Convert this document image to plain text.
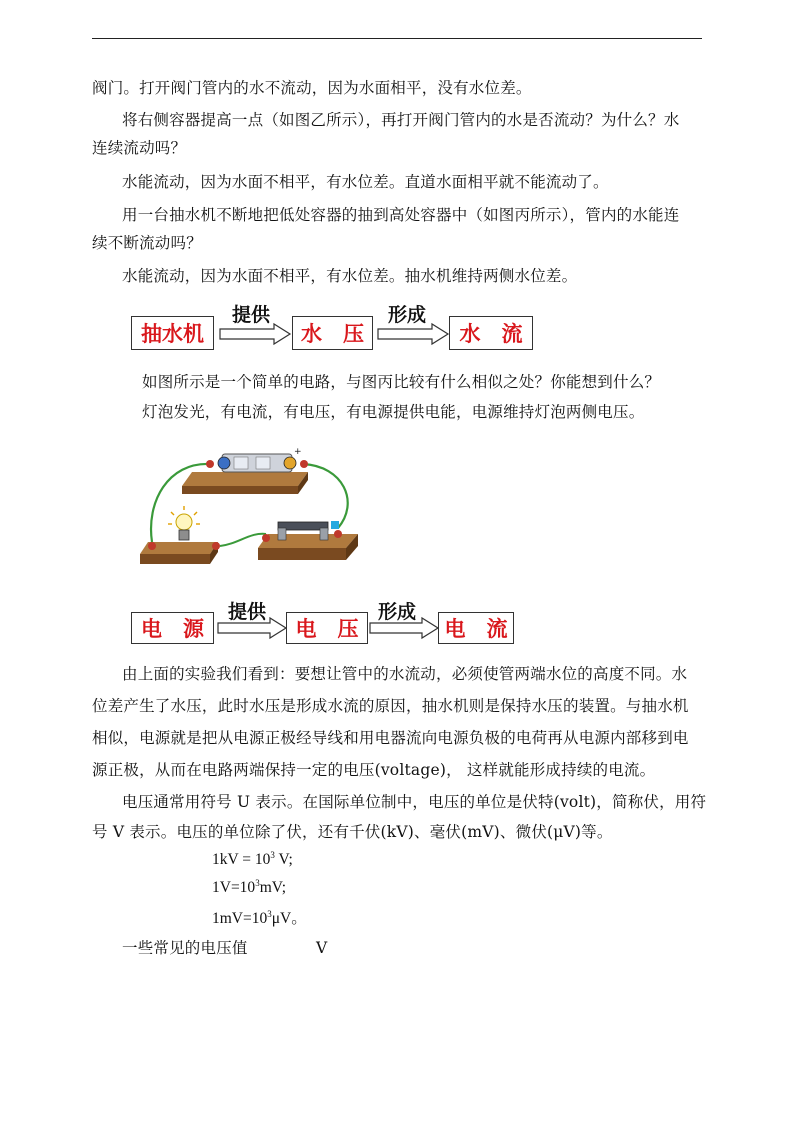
阀门。打开阀门管内的水不流动，因为水面相平，没有水位差。
将右侧容器提高一点（如图乙所示），再打开阀门管内的水是否流动？为什么？水
连续流动吗？
水能流动，因为水面不相平，有水位差。直道水面相平就不能流动了。
用一台抽水机不断地把低处容器的抽到高处容器中（如图丙所示），管内的水能连
续不断流动吗？
水能流动，因为水面不相平，有水位差。抽水机维持两侧水位差。
抽水机
提供
水　压
形成
水　流
如图所示是一个简单的电路，与图丙比较有什么相似之处？你能想到什么？
灯泡发光，有电流，有电压，有电源提供电能，电源维持灯泡两侧电压。
+
电　源
提供
电　压
形成
电　流
由上面的实验我们看到：要想让管中的水流动，必须使管两端水位的高度不同。水
位差产生了水压，此时水压是形成水流的原因，抽水机则是保持水压的装置。与抽水机
相似，电源就是把从电源正极经导线和用电器流向电源负极的电荷再从电源内部移到电
源正极，从而在电路两端保持一定的电压(voltage)， 这样就能形成持续的电流。
电压通常用符号 U 表示。在国际单位制中，电压的单位是伏特(volt)，简称伏，用符
号 V 表示。电压的单位除了伏，还有千伏(kV)、毫伏(mV)、微伏(μV)等。
$1kV = 10^3$ V;
$1V=10^3mV$;
$1mV=10^3\mu V$。
一些常见的电压值	V
